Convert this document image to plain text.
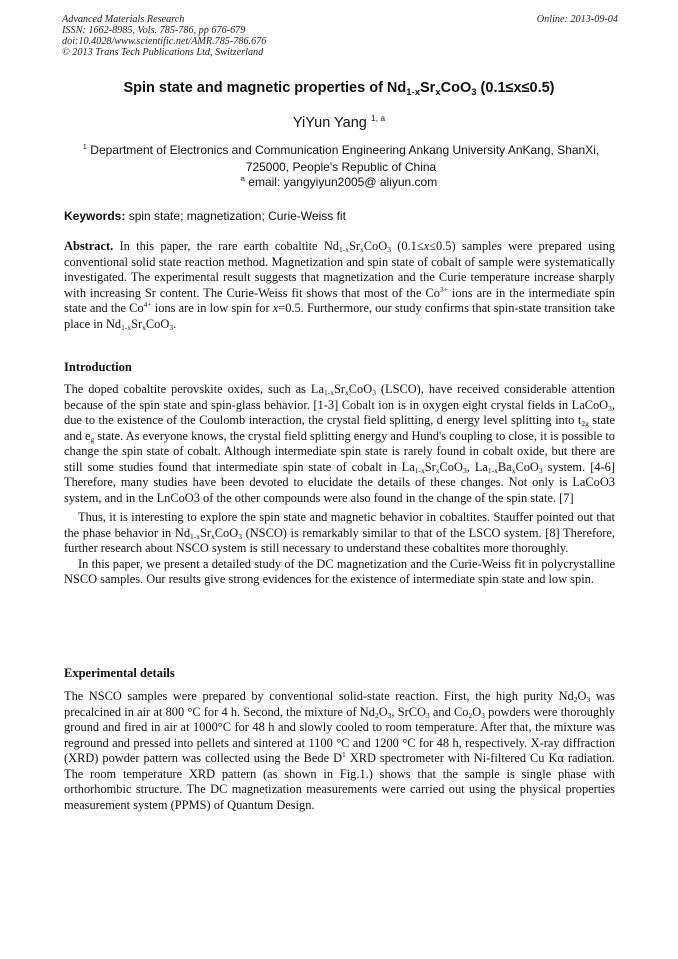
Advanced Materials Research
ISSN: 1662-8985, Vols. 785-786, pp 676-679
doi:10.4028/www.scientific.net/AMR.785-786.676
© 2013 Trans Tech Publications Ltd, Switzerland
Online: 2013-09-04
Spin state and magnetic properties of $Nd_{1-x}Sr_xCoO_3$ (0.1≤x≤0.5)
YiYun Yang $^{1, a}$
$^1$ Department of Electronics and Communication Engineering Ankang University AnKang, ShanXi, 725000, People's Republic of China
$^a$ email: yangyiyun2005@ aliyun.com
Keywords: spin state; magnetization; Curie-Weiss fit
Abstract. In this paper, the rare earth cobaltite $Nd_{1-x}Sr_xCoO_3$ (0.1≤x≤0.5) samples were prepared using conventional solid state reaction method. Magnetization and spin state of cobalt of sample were systematically investigated. The experimental result suggests that magnetization and the Curie temperature increase sharply with increasing Sr content. The Curie-Weiss fit shows that most of the $Co^{3+}$ ions are in the intermediate spin state and the $Co^{4+}$ ions are in low spin for x=0.5. Furthermore, our study confirms that spin-state transition take place in $Nd_{1-x}Sr_xCoO_3$.
Introduction
The doped cobaltite perovskite oxides, such as $La_{1-x}Sr_xCoO_3$ (LSCO), have received considerable attention because of the spin state and spin-glass behavior. [1-3] Cobalt ion is in oxygen eight crystal fields in LaCoO$_3$, due to the existence of the Coulomb interaction, the crystal field splitting, d energy level splitting into $t_{2g}$ state and $e_g$ state. As everyone knows, the crystal field splitting energy and Hund's coupling to close, it is possible to change the spin state of cobalt. Although intermediate spin state is rarely found in cobalt oxide, but there are still some studies found that intermediate spin state of cobalt in $La_{1-x}Sr_xCoO_3$, $La_{1-x}Ba_xCoO_3$ system. [4-6] Therefore, many studies have been devoted to elucidate the details of these changes. Not only is LaCoO3 system, and in the LnCoO3 of the other compounds were also found in the change of the spin state. [7]
Thus, it is interesting to explore the spin state and magnetic behavior in cobaltites. Stauffer pointed out that the phase behavior in $Nd_{1-x}Sr_xCoO_3$ (NSCO) is remarkably similar to that of the LSCO system. [8] Therefore, further research about NSCO system is still necessary to understand these cobaltites more thoroughly.
In this paper, we present a detailed study of the DC magnetization and the Curie-Weiss fit in polycrystalline NSCO samples. Our results give strong evidences for the existence of intermediate spin state and low spin.
Experimental details
The NSCO samples were prepared by conventional solid-state reaction. First, the high purity $Nd_2O_3$ was precalcined in air at 800 °C for 4 h. Second, the mixture of $Nd_2O_3$, SrCO$_3$ and $Co_2O_3$ powders were thoroughly ground and fired in air at 1000°C for 48 h and slowly cooled to room temperature. After that, the mixture was reground and pressed into pellets and sintered at 1100 °C and 1200 °C for 48 h, respectively. X-ray diffraction (XRD) powder pattern was collected using the Bede $D^1$ XRD spectrometer with Ni-filtered Cu Kα radiation. The room temperature XRD pattern (as shown in Fig.1.) shows that the sample is single phase with orthorhombic structure. The DC magnetization measurements were carried out using the physical properties measurement system (PPMS) of Quantum Design.
